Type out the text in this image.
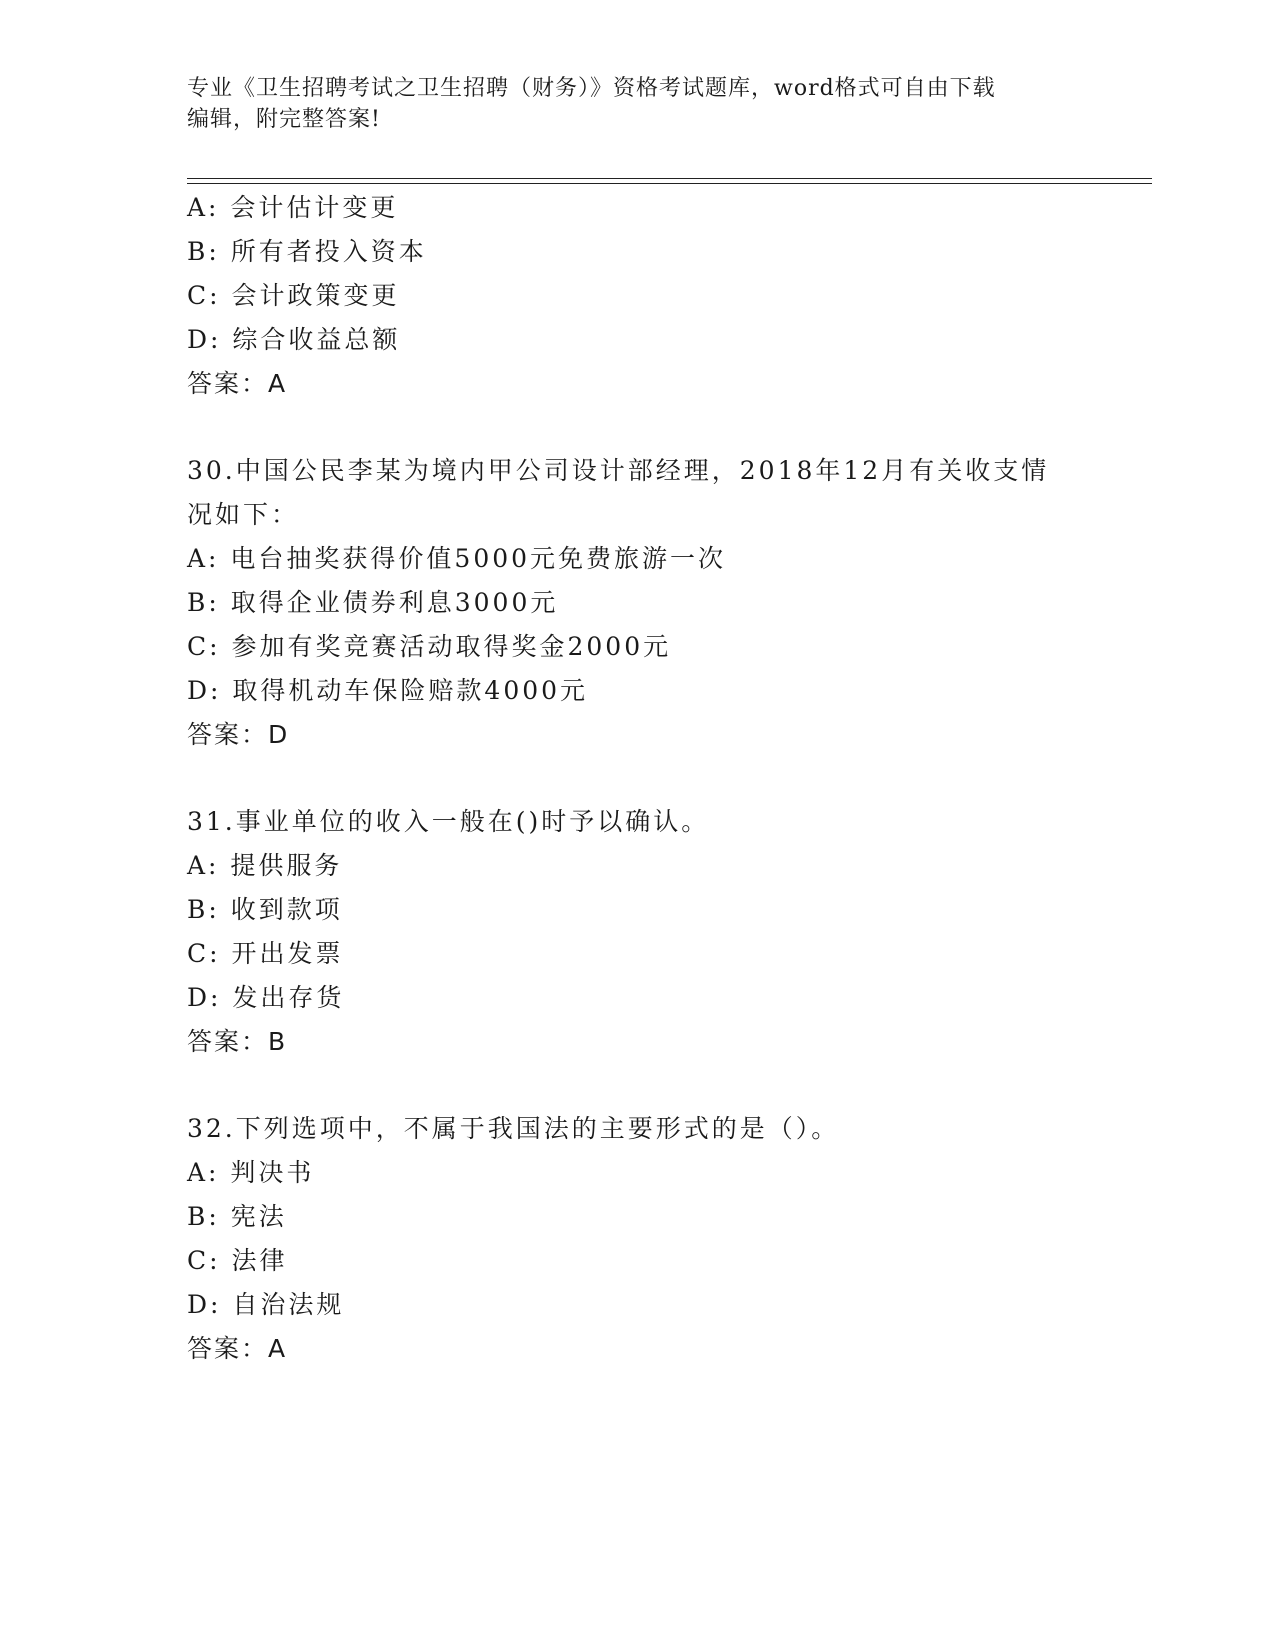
专业《卫生招聘考试之卫生招聘（财务）》资格考试题库，word格式可自由下载
编辑，附完整答案!
A: 会计估计变更
B: 所有者投入资本
C: 会计政策变更
D: 综合收益总额
答案：A
30.中国公民李某为境内甲公司设计部经理，2018年12月有关收支情
况如下：
A: 电台抽奖获得价值5000元免费旅游一次
B: 取得企业债券利息3000元
C: 参加有奖竞赛活动取得奖金2000元
D: 取得机动车保险赔款4000元
答案：D
31.事业单位的收入一般在()时予以确认。
A: 提供服务
B: 收到款项
C: 开出发票
D: 发出存货
答案：B
32.下列选项中，不属于我国法的主要形式的是（）。
A: 判决书
B: 宪法
C: 法律
D: 自治法规
答案：A
